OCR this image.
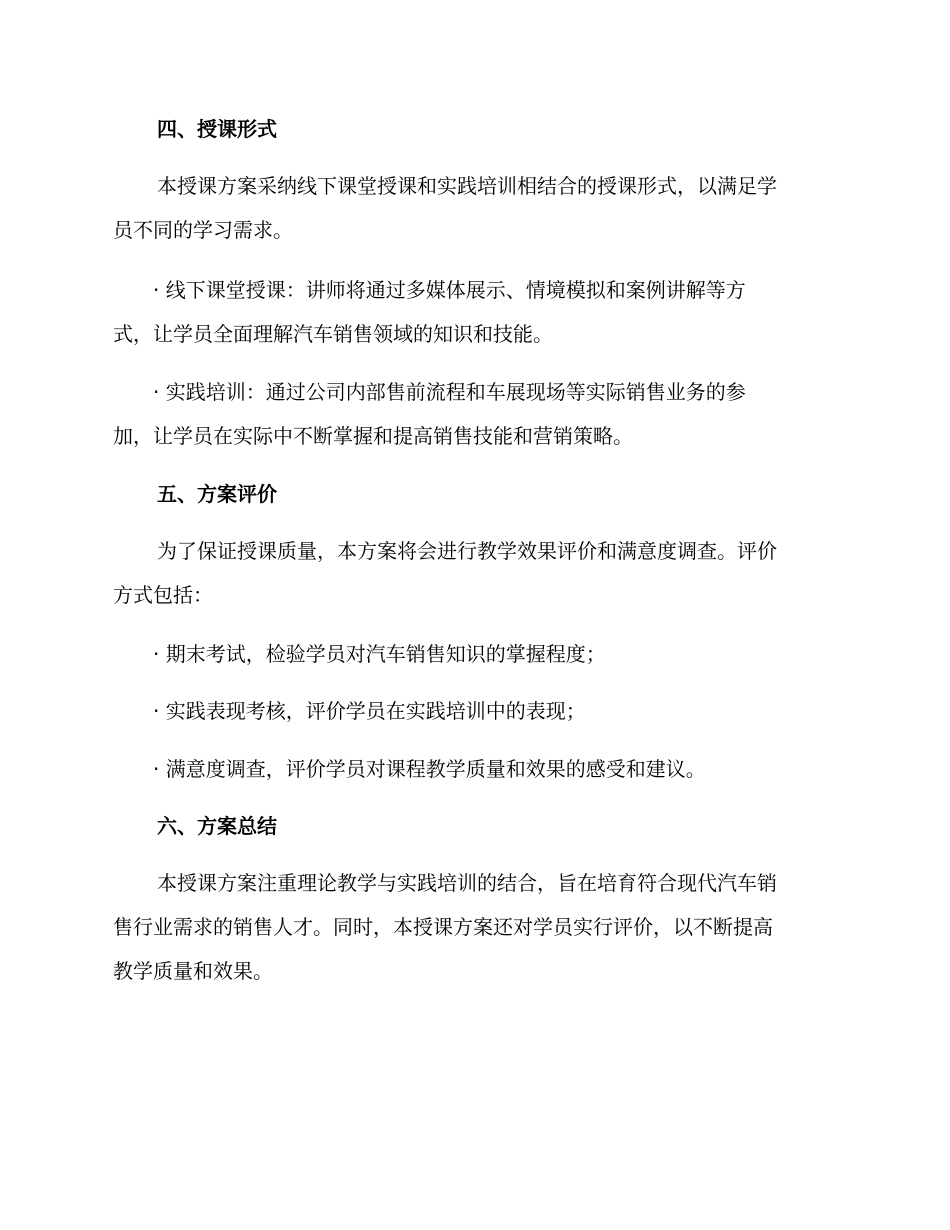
四、授课形式
本授课方案采纳线下课堂授课和实践培训相结合的授课形式，以满足学
员不同的学习需求。
· 线下课堂授课：讲师将通过多媒体展示、情境模拟和案例讲解等方
式，让学员全面理解汽车销售领域的知识和技能。
· 实践培训：通过公司内部售前流程和车展现场等实际销售业务的参
加，让学员在实际中不断掌握和提高销售技能和营销策略。
五、方案评价
为了保证授课质量，本方案将会进行教学效果评价和满意度调查。评价
方式包括：
· 期末考试，检验学员对汽车销售知识的掌握程度；
· 实践表现考核，评价学员在实践培训中的表现；
· 满意度调查，评价学员对课程教学质量和效果的感受和建议。
六、方案总结
本授课方案注重理论教学与实践培训的结合，旨在培育符合现代汽车销
售行业需求的销售人才。同时，本授课方案还对学员实行评价，以不断提高
教学质量和效果。
